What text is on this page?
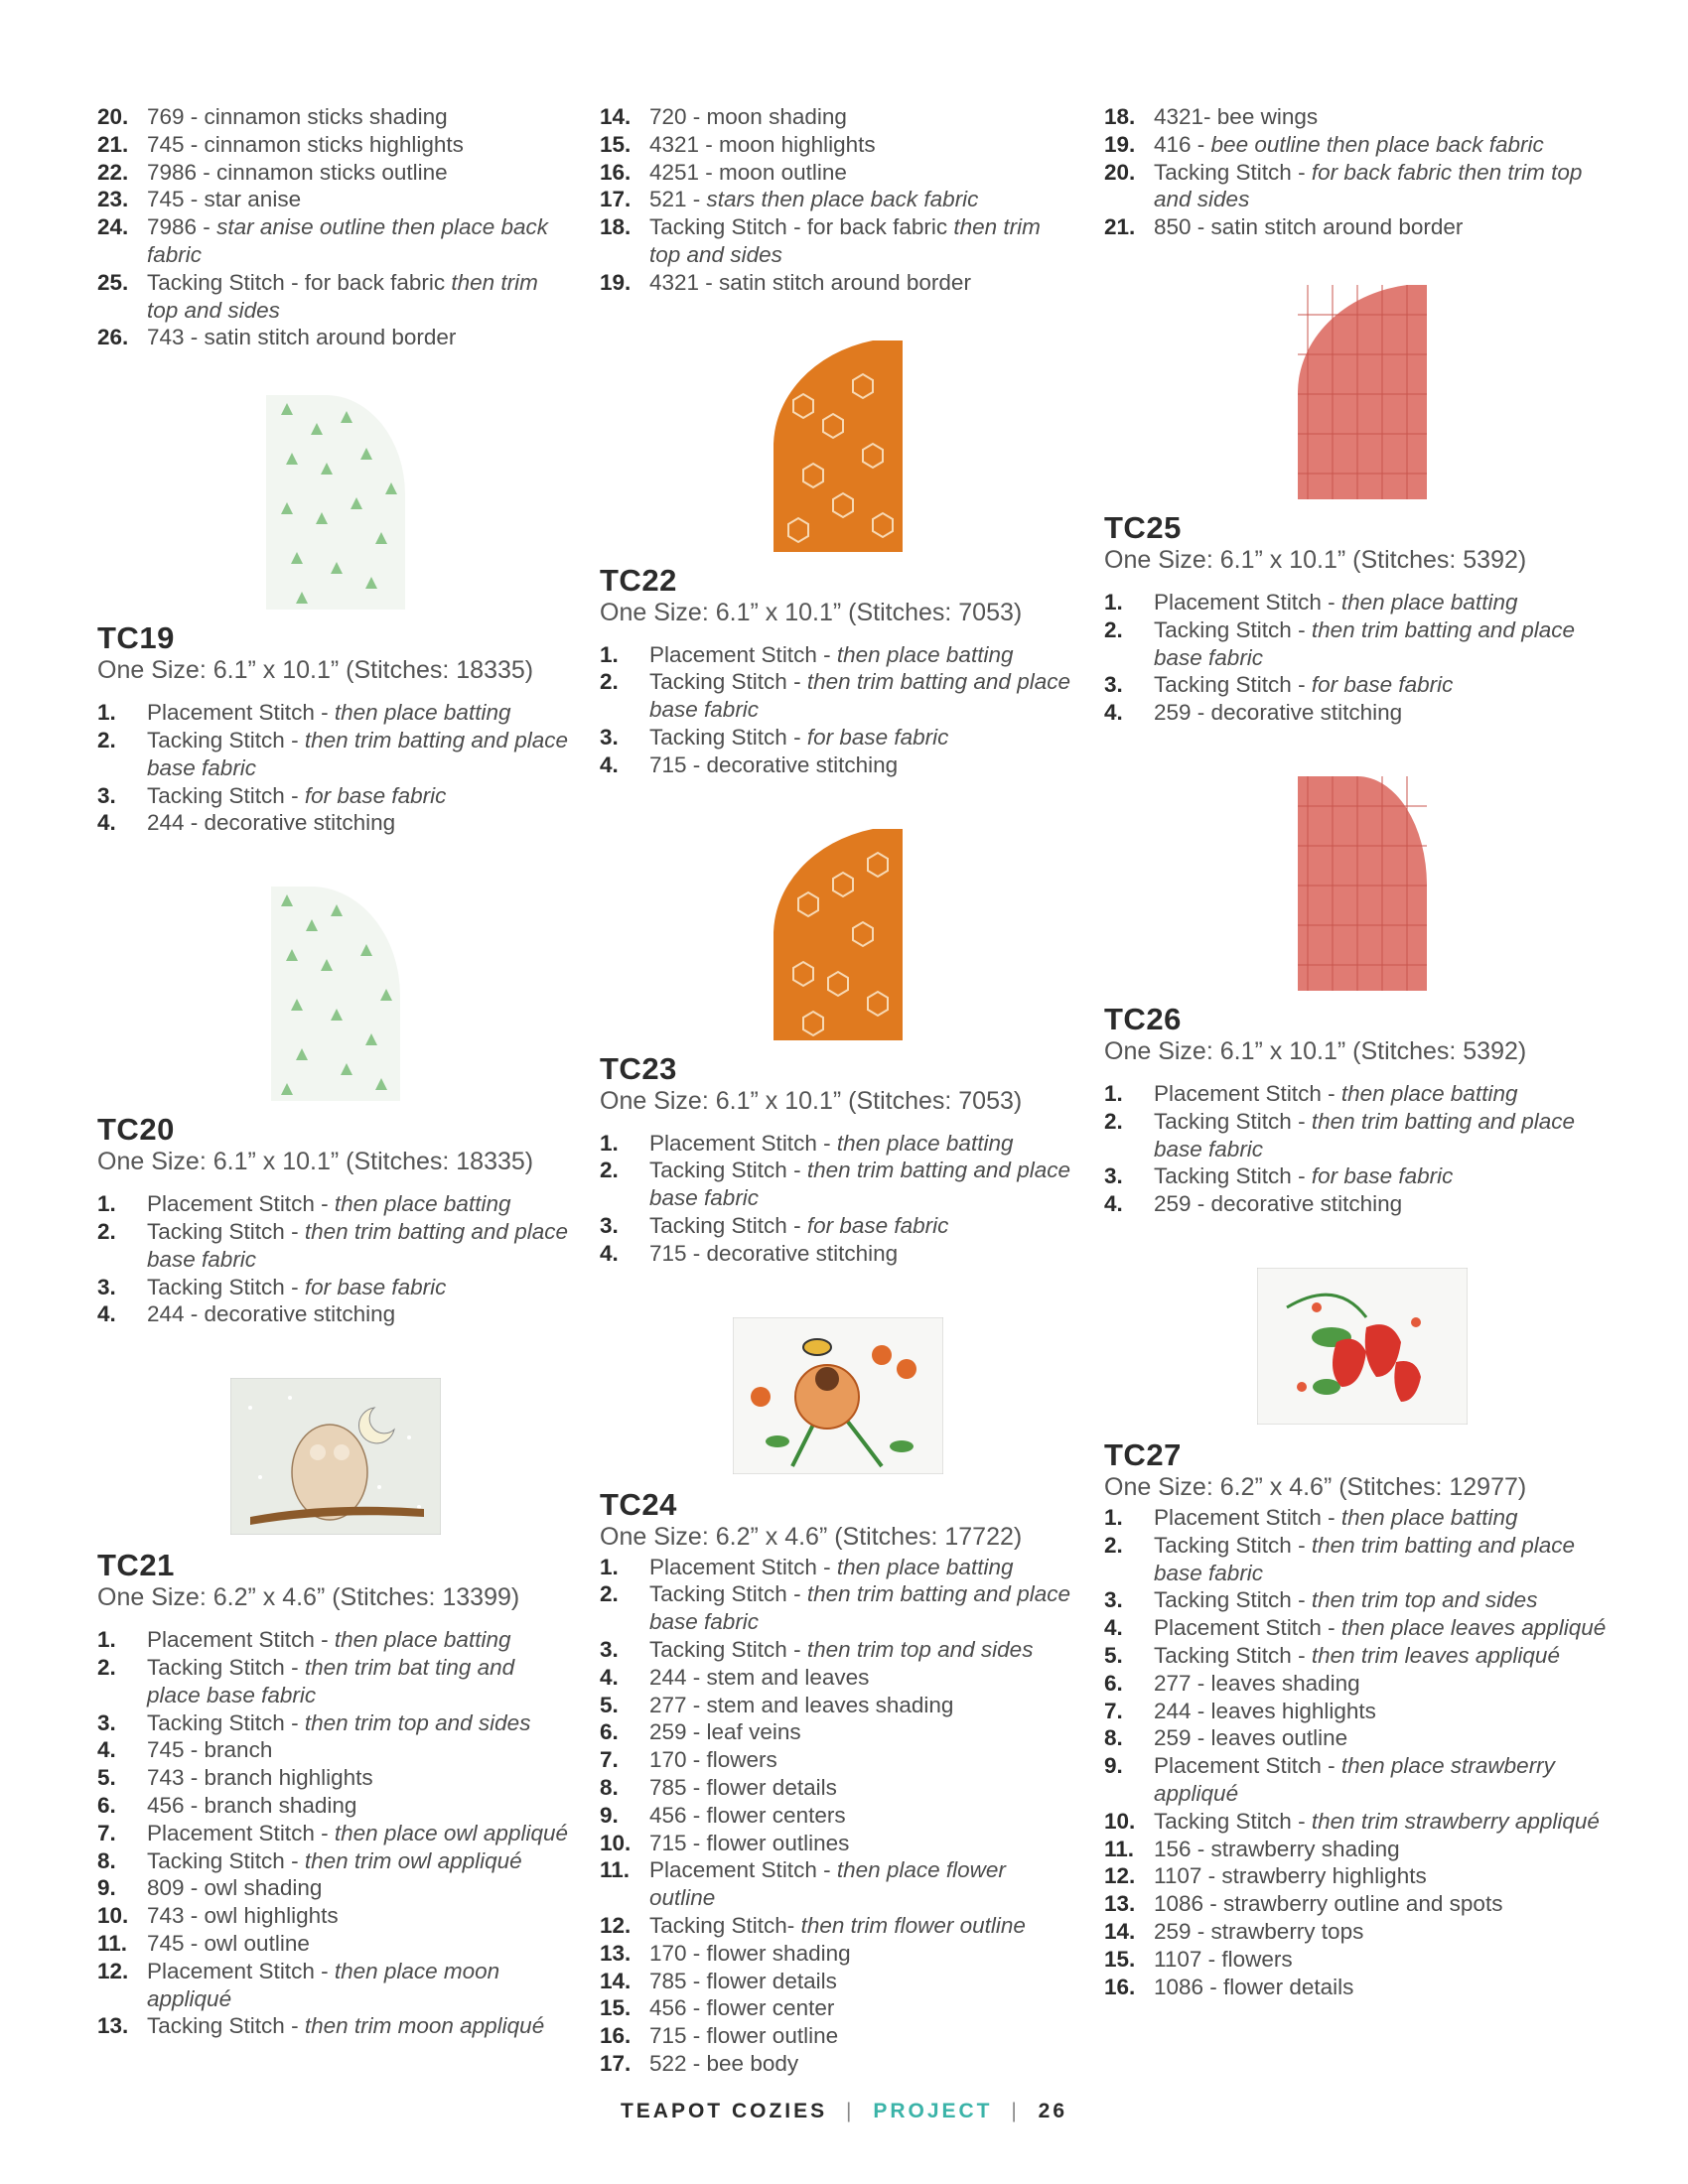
20. 769 - cinnamon sticks shading
21. 745 - cinnamon sticks highlights
22. 7986 - cinnamon sticks outline
23. 745 - star anise
24. 7986 - star anise outline then place back fabric
25. Tacking Stitch - for back fabric then trim top and sides
26. 743 - satin stitch around border
TC19

One Size: 6.1” x 10.1” (Stitches: 18335)

1. Placement Stitch - then place batting
2. Tacking Stitch - then trim batting and place base fabric
3. Tacking Stitch - for base fabric
4. 244 - decorative stitching
TC20

One Size: 6.1” x 10.1” (Stitches: 18335)

1. Placement Stitch - then place batting
2. Tacking Stitch - then trim batting and place base fabric
3. Tacking Stitch - for base fabric
4. 244 - decorative stitching
TC21

One Size: 6.2” x 4.6” (Stitches: 13399)

1. Placement Stitch - then place batting
2. Tacking Stitch - then trim bat ting and place base fabric
3. Tacking Stitch - then trim top and sides
4. 745 - branch
5. 743 - branch highlights
6. 456 - branch shading
7. Placement Stitch - then place owl appliqué
8. Tacking Stitch - then trim owl appliqué
9. 809 - owl shading
10. 743 - owl highlights
11. 745 - owl outline
12. Placement Stitch - then place moon appliqué
13. Tacking Stitch - then trim moon appliqué
14. 720 - moon shading
15. 4321 - moon highlights
16. 4251 - moon outline
17. 521 - stars then place back fabric
18. Tacking Stitch - for back fabric then trim top and sides
19. 4321 - satin stitch around border
TC22

One Size: 6.1” x 10.1” (Stitches: 7053)

1. Placement Stitch - then place batting
2. Tacking Stitch - then trim batting and place base fabric
3. Tacking Stitch - for base fabric
4. 715 - decorative stitching
TC23

One Size: 6.1” x 10.1” (Stitches: 7053)

1. Placement Stitch - then place batting
2. Tacking Stitch - then trim batting and place base fabric
3. Tacking Stitch - for base fabric
4. 715 - decorative stitching
TC24

One Size: 6.2” x 4.6” (Stitches: 17722)

1. Placement Stitch - then place batting
2. Tacking Stitch - then trim batting and place base fabric
3. Tacking Stitch - then trim top and sides
4. 244 - stem and leaves
5. 277 - stem and leaves shading
6. 259 - leaf veins
7. 170 - flowers
8. 785 - flower details
9. 456 - flower centers
10. 715 - flower outlines
11. Placement Stitch - then place flower outline
12. Tacking Stitch- then trim flower outline
13. 170 - flower shading
14. 785 - flower details
15. 456 - flower center
16. 715 - flower outline
17. 522 - bee body
18. 4321- bee wings
19. 416 - bee outline then place back fabric
20. Tacking Stitch - for back fabric then trim top and sides
21. 850 - satin stitch around border
TC25

One Size: 6.1” x 10.1” (Stitches: 5392)

1. Placement Stitch - then place batting
2. Tacking Stitch - then trim batting and place base fabric
3. Tacking Stitch - for base fabric
4. 259 - decorative stitching
TC26

One Size: 6.1” x 10.1” (Stitches: 5392)

1. Placement Stitch - then place batting
2. Tacking Stitch - then trim batting and place base fabric
3. Tacking Stitch - for base fabric
4. 259 - decorative stitching
TC27

One Size: 6.2” x 4.6” (Stitches: 12977)

1. Placement Stitch - then place batting
2. Tacking Stitch - then trim batting and place base fabric
3. Tacking Stitch - then trim top and sides
4. Placement Stitch - then place leaves appliqué
5. Tacking Stitch - then trim leaves appliqué
6. 277 - leaves shading
7. 244 - leaves highlights
8. 259 - leaves outline
9. Placement Stitch - then place strawberry appliqué
10. Tacking Stitch - then trim strawberry appliqué
11. 156 - strawberry shading
12. 1107 - strawberry highlights
13. 1086 - strawberry outline and spots
14. 259 - strawberry tops
15. 1107 - flowers
16. 1086 - flower details
TEAPOT COZIES | PROJECT | 26
